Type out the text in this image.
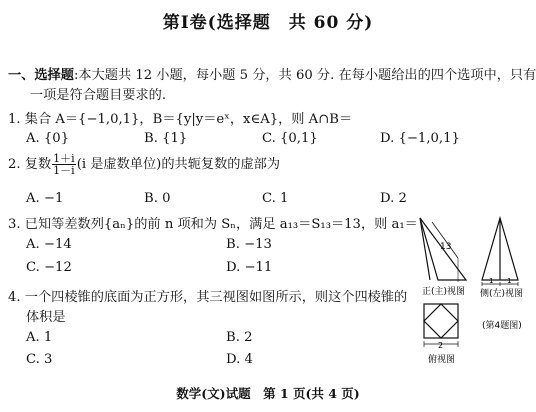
第Ⅰ卷(选择题　共 60 分)
一、选择题:本大题共 12 小题，每小题 5 分，共 60 分. 在每小题给出的四个选项中，只有
一项是符合题目要求的.
1. 集合 A＝{−1,0,1}，B＝{y|y＝eˣ，x∈A}，则 A∩B＝
A. {0}	B. {1}	C. {0,1}	D. {−1,0,1}
2. 复数 $\frac{1+i}{1-i} (i$ 是虚数单位)的共轭复数的虚部为
A. −1	B. 0	C. 1	D. 2
3. 已知等差数列{aₙ}的前 n 项和为 Sₙ，满足 a₁₃＝S₁₃＝13，则 a₁＝
A. −14	B. −13
C. −12	D. −11
4. 一个四棱锥的底面为正方形，其三视图如图所示，则这个四棱锥的
体积是
A. 1	B. 2
C. 3	D. 4
13
正(主)视图
1 1
侧(左)视图
(第4题图)
2
俯视图
数学(文)试题　第 1 页(共 4 页)
